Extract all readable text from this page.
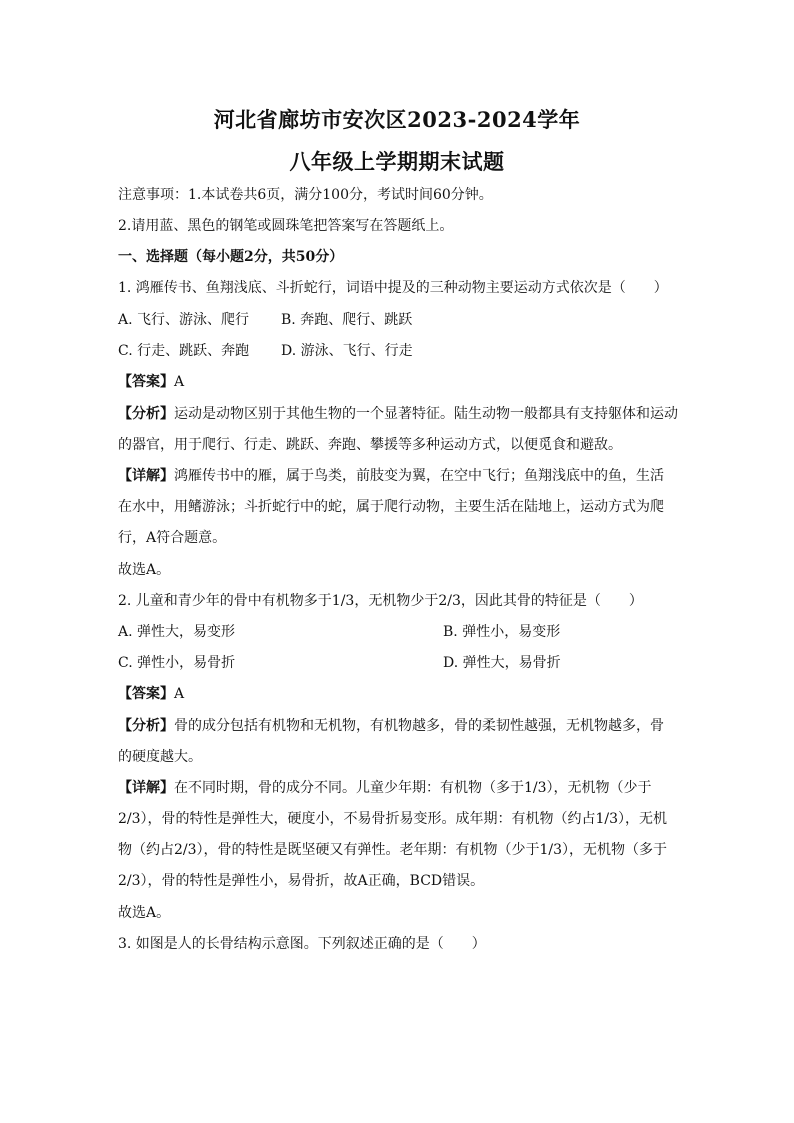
河北省廊坊市安次区2023-2024学年
八年级上学期期末试题
注意事项：1.本试卷共6页，满分100分，考试时间60分钟。
2.请用蓝、黑色的钢笔或圆珠笔把答案写在答题纸上。
一、选择题（每小题2分，共50分）
1. 鸿雁传书、鱼翔浅底、斗折蛇行，词语中提及的三种动物主要运动方式依次是（　　）
A. 飞行、游泳、爬行 B. 奔跑、爬行、跳跃
C. 行走、跳跃、奔跑 D. 游泳、飞行、行走
【答案】A
【分析】运动是动物区别于其他生物的一个显著特征。陆生动物一般都具有支持躯体和运动
的器官，用于爬行、行走、跳跃、奔跑、攀援等多种运动方式，以便觅食和避敌。
【详解】鸿雁传书中的雁，属于鸟类，前肢变为翼，在空中飞行；鱼翔浅底中的鱼，生活
在水中，用鳍游泳；斗折蛇行中的蛇，属于爬行动物，主要生活在陆地上，运动方式为爬
行，A符合题意。
故选A。
2. 儿童和青少年的骨中有机物多于1/3，无机物少于2/3，因此其骨的特征是（　　）
A. 弹性大，易变形	B. 弹性小，易变形
C. 弹性小，易骨折	D. 弹性大，易骨折
【答案】A
【分析】骨的成分包括有机物和无机物，有机物越多，骨的柔韧性越强，无机物越多，骨
的硬度越大。
【详解】在不同时期，骨的成分不同。儿童少年期：有机物（多于1/3），无机物（少于
2/3），骨的特性是弹性大，硬度小，不易骨折易变形。成年期：有机物（约占1/3），无机
物（约占2/3），骨的特性是既坚硬又有弹性。老年期：有机物（少于1/3），无机物（多于
2/3），骨的特性是弹性小，易骨折，故A正确，BCD错误。
故选A。
3. 如图是人的长骨结构示意图。下列叙述正确的是（　　）
